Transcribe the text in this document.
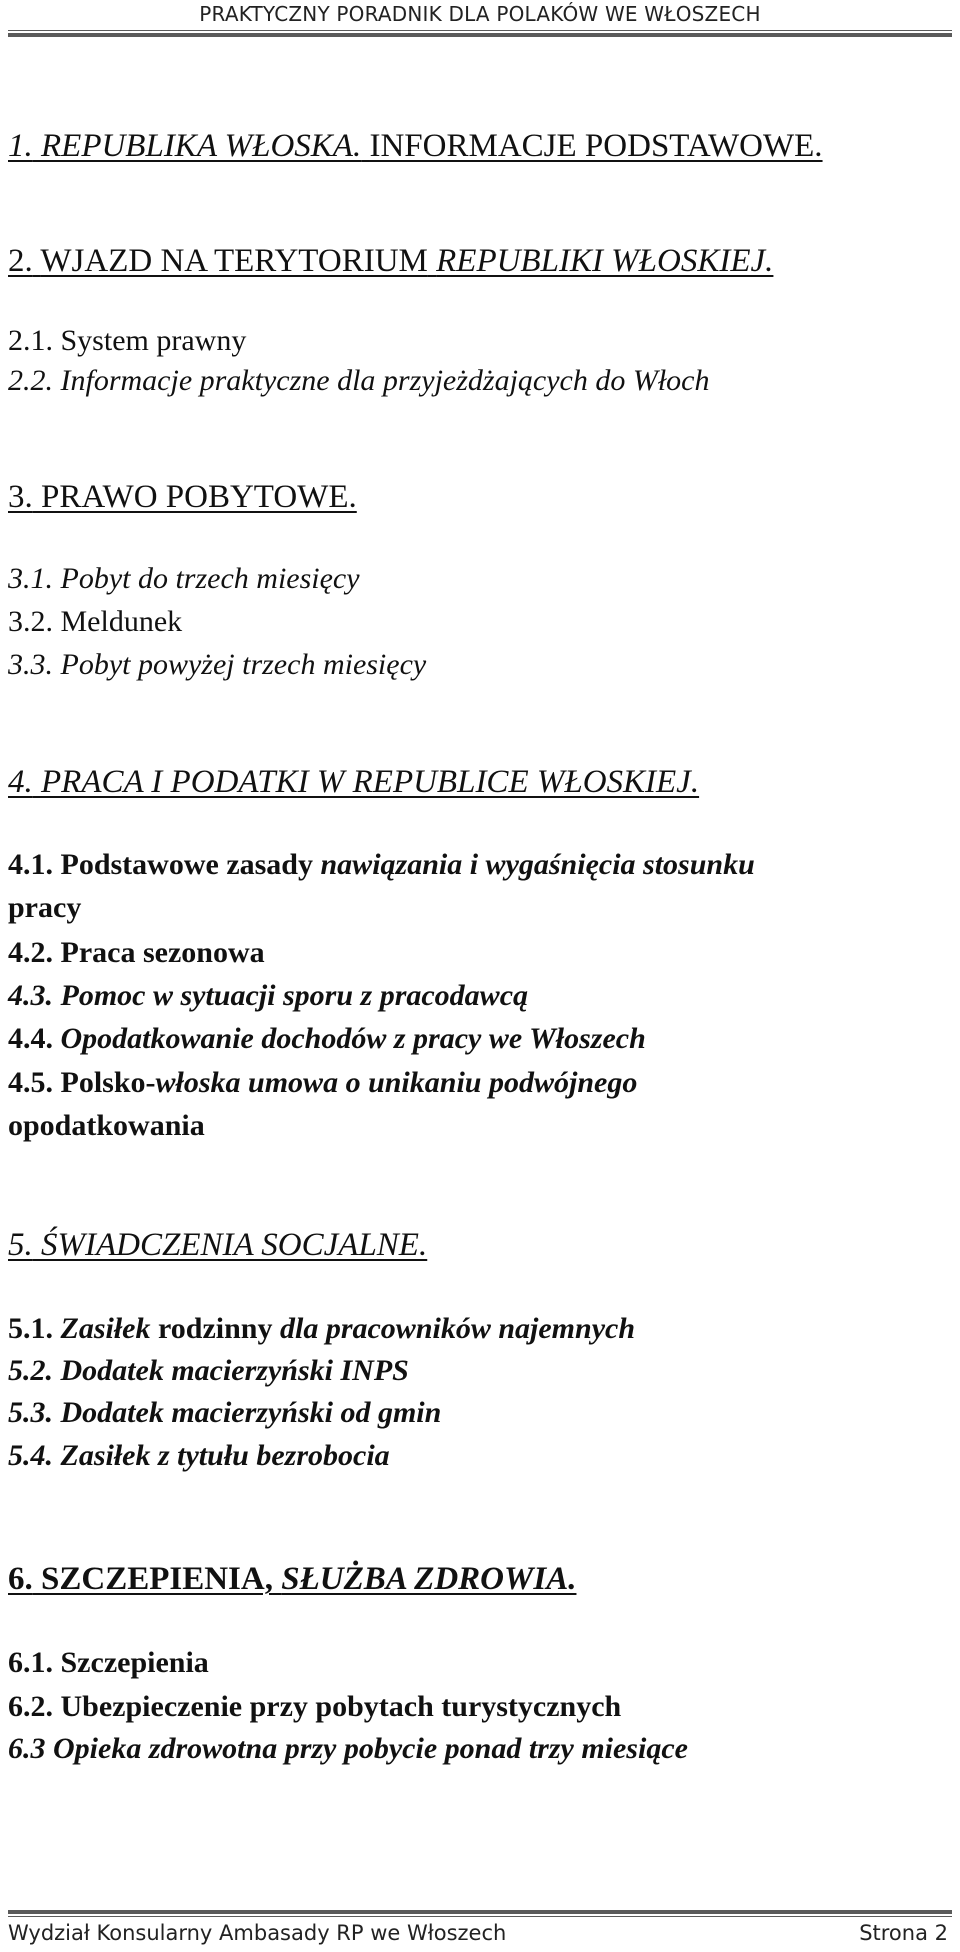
PRAKTYCZNY PORADNIK DLA POLAKÓW WE WŁOSZECH
1. REPUBLIKA WŁOSKA. INFORMACJE PODSTAWOWE.
2. WJAZD NA TERYTORIUM REPUBLIKI WŁOSKIEJ.
2.1. System prawny
2.2. Informacje praktyczne dla przyjeżdżających do Włoch
3. PRAWO POBYTOWE.
3.1. Pobyt do trzech miesięcy
3.2. Meldunek
3.3. Pobyt powyżej trzech miesięcy
4. PRACA I PODATKI W REPUBLICE WŁOSKIEJ.
4.1. Podstawowe zasady nawiązania i wygaśnięcia stosunku
pracy
4.2. Praca sezonowa
4.3. Pomoc w sytuacji sporu z pracodawcą
4.4. Opodatkowanie dochodów z pracy we Włoszech
4.5. Polsko-włoska umowa o unikaniu podwójnego
opodatkowania
5. ŚWIADCZENIA SOCJALNE.
5.1. Zasiłek rodzinny dla pracowników najemnych
5.2. Dodatek macierzyński INPS
5.3. Dodatek macierzyński od gmin
5.4. Zasiłek z tytułu bezrobocia
6. SZCZEPIENIA, SŁUŻBA ZDROWIA.
6.1. Szczepienia
6.2. Ubezpieczenie przy pobytach turystycznych
6.3 Opieka zdrowotna przy pobycie ponad trzy miesiące
Wydział Konsularny Ambasady RP we Włoszech	Strona 2
